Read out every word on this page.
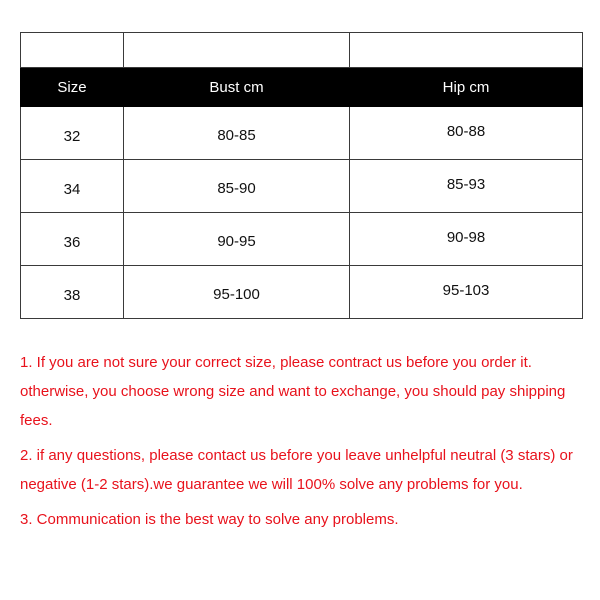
Size	Bust cm	Hip cm

32	80-85	80-88

34	85-90	85-93

36	90-95	90-98

38	95-100	95-103

1. If you are not sure your correct size, please contract us before you order it. otherwise, you choose wrong size and want to exchange, you should pay shipping fees.

2. if any questions, please contact us before you leave unhelpful neutral (3 stars) or negative (1-2 stars).we guarantee we will 100% solve any problems for you.

3. Communication is the best way to solve any problems.
